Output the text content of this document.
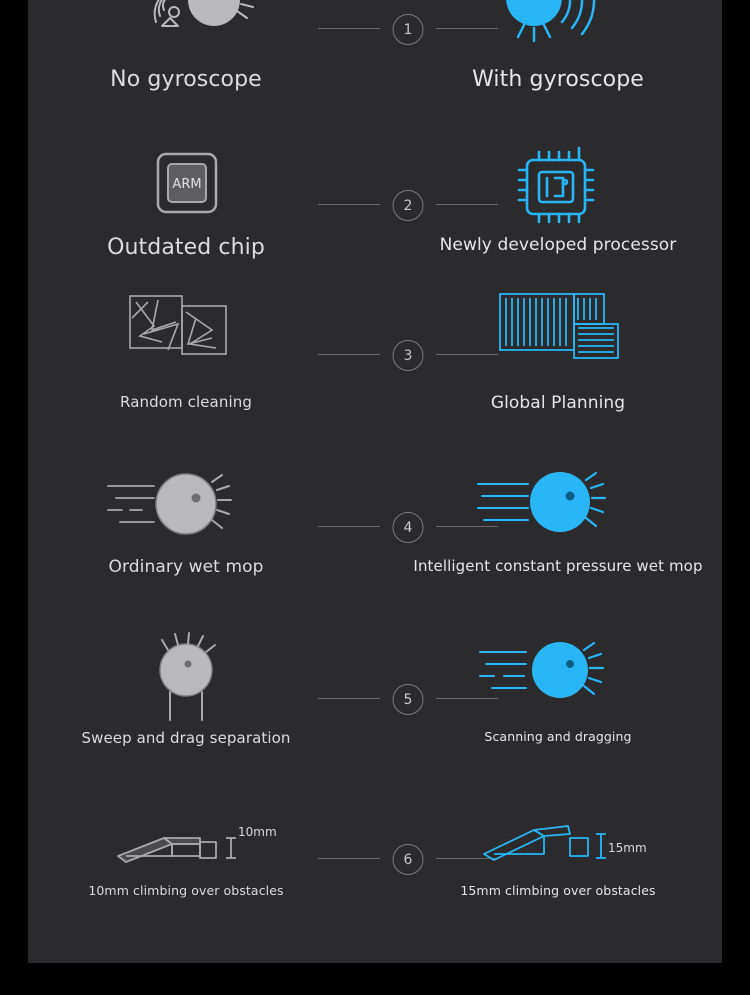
No gyroscope
1
With gyroscope
ARM
Outdated chip
2
Newly developed processor
Random cleaning
3
Global Planning
Ordinary wet mop
4
Intelligent constant pressure wet mop
Sweep and drag separation
5
Scanning and dragging
10mm
10mm climbing over obstacles
6
15mm
15mm climbing over obstacles
